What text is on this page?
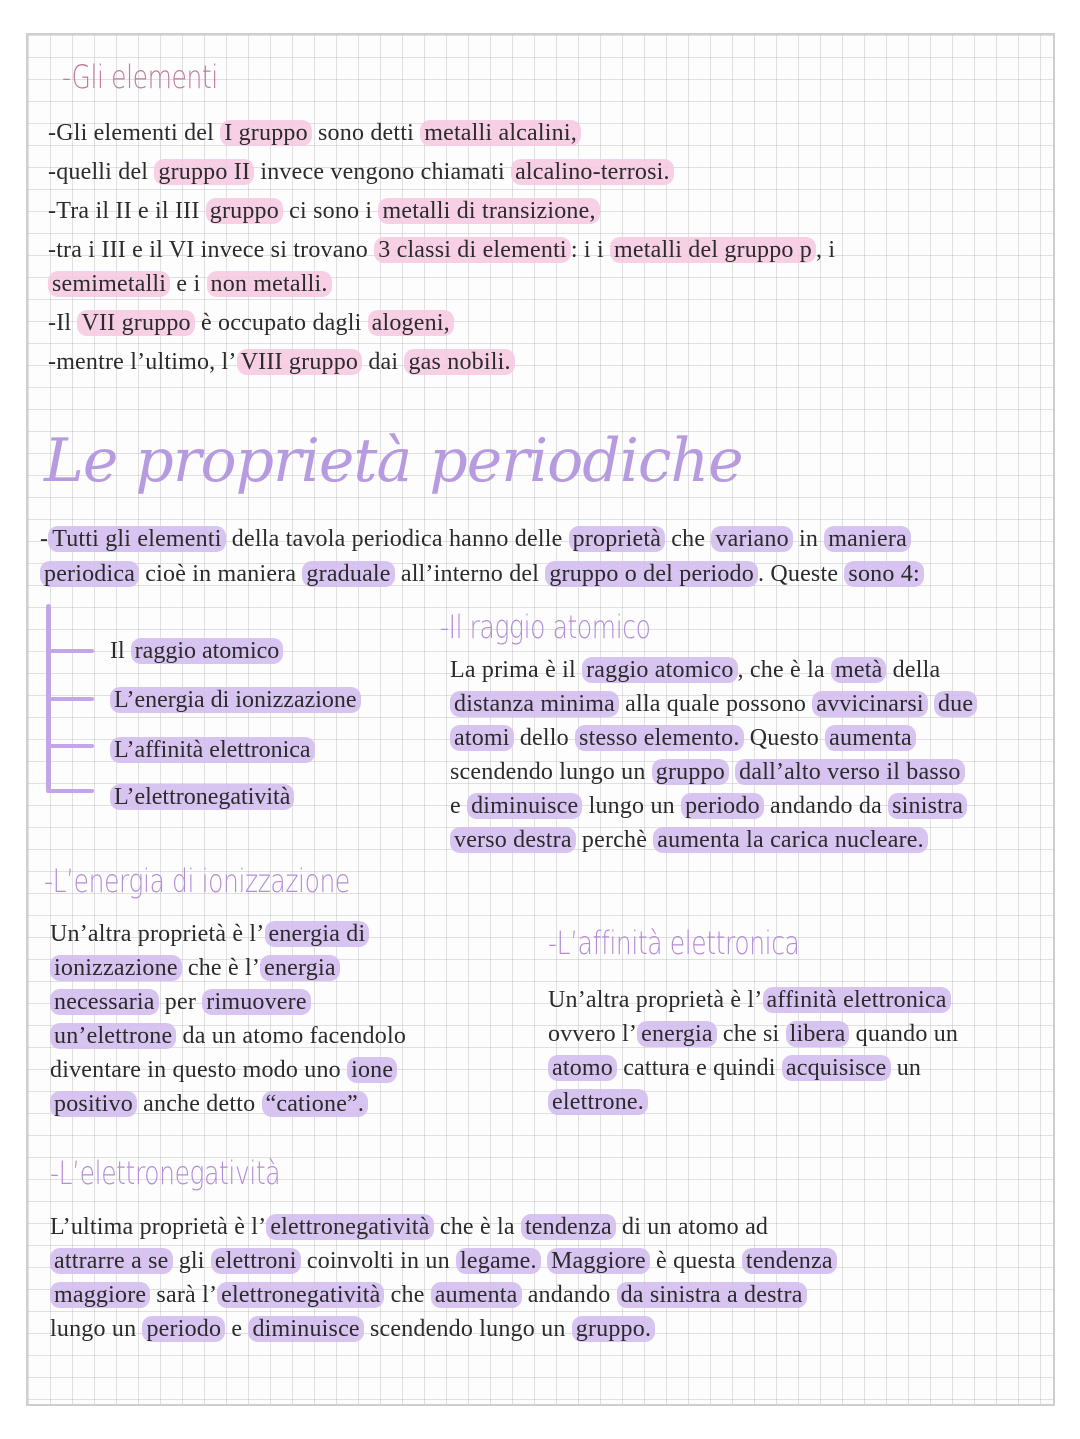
-Gli elementi
-Gli elementi del I gruppo sono detti metalli alcalini,
-quelli del gruppo II invece vengono chiamati alcalino-terrosi.
-Tra il II e il III gruppo ci sono i metalli di transizione,
-tra i III e il VI invece si trovano 3 classi di elementi : i i metalli del gruppo p , i
semimetalli e i non metalli.
-Il VII gruppo è occupato dagli alogeni,
-mentre l’ultimo, l’ VIII gruppo dai gas nobili.
Le proprietà periodiche
- Tutti gli elementi della tavola periodica hanno delle proprietà che variano in maniera
periodica cioè in maniera graduale all’interno del gruppo o del periodo . Queste sono 4:
Il raggio atomico
L’energia di ionizzazione
L’affinità elettronica
L’elettronegatività
-Il raggio atomico
La prima è il raggio atomico , che è la metà della
distanza minima alla quale possono avvicinarsi due
atomi dello stesso elemento. Questo aumenta
scendendo lungo un gruppo dall’alto verso il basso
e diminuisce lungo un periodo andando da sinistra
verso destra perchè aumenta la carica nucleare.
-L’energia di ionizzazione
Un’altra proprietà è l’ energia di
ionizzazione che è l’ energia
necessaria per rimuovere
un’elettrone da un atomo facendolo
diventare in questo modo uno ione
positivo anche detto “catione”.
-L’affinità elettronica
Un’altra proprietà è l’ affinità elettronica
ovvero l’ energia che si libera quando un
atomo cattura e quindi acquisisce un
elettrone.
-L’elettronegatività
L’ultima proprietà è l’ elettronegatività che è la tendenza di un atomo ad
attrarre a se gli elettroni coinvolti in un legame. Maggiore è questa tendenza
maggiore sarà l’ elettronegatività che aumenta andando da sinistra a destra
lungo un periodo e diminuisce scendendo lungo un gruppo.
